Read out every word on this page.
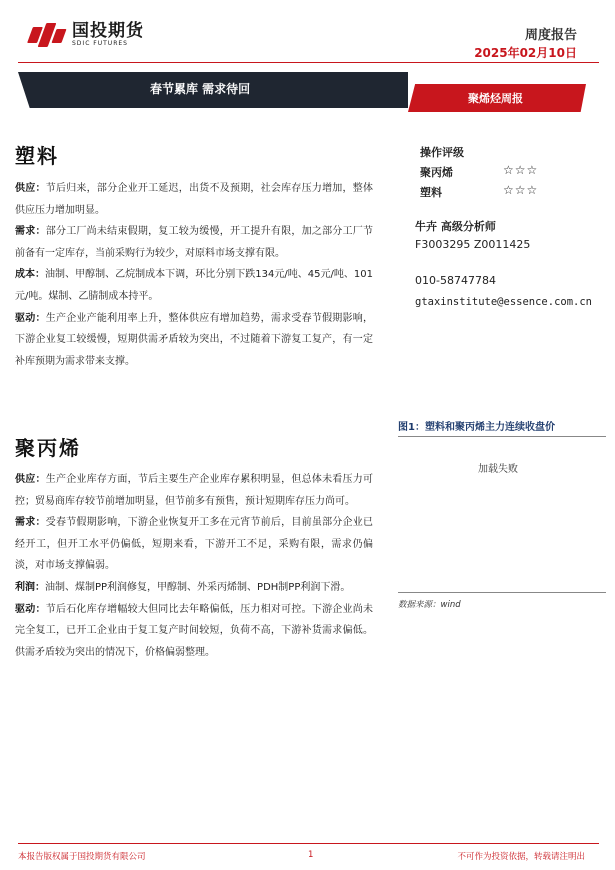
国投期货
SDIC FUTURES
周度报告
2025年02月10日
春节累库 需求待回
聚烯烃周报
塑料
供应：节后归来，部分企业开工延迟，出货不及预期，社会库存压力增加，整体供应压力增加明显。
需求：部分工厂尚未结束假期，复工较为缓慢，开工提升有限，加之部分工厂节前备有一定库存，当前采购行为较少，对原料市场支撑有限。
成本：油制、甲醇制、乙烷制成本下调，环比分别下跌134元/吨、45元/吨、101元/吨。煤制、乙腈制成本持平。
驱动：生产企业产能利用率上升，整体供应有增加趋势，需求受春节假期影响，下游企业复工较缓慢，短期供需矛盾较为突出，不过随着下游复工复产，有一定补库预期为需求带来支撑。
聚丙烯
供应：生产企业库存方面，节后主要生产企业库存累积明显，但总体未看压力可控；贸易商库存较节前增加明显，但节前多有预售，预计短期库存压力尚可。
需求：受春节假期影响，下游企业恢复开工多在元宵节前后，目前虽部分企业已经开工，但开工水平仍偏低，短期来看，下游开工不足，采购有限，需求仍偏淡，对市场支撑偏弱。
利润：油制、煤制PP利润修复，甲醇制、外采丙烯制、PDH制PP利润下滑。
驱动：节后石化库存增幅较大但同比去年略偏低，压力相对可控。下游企业尚未完全复工，已开工企业由于复工复产时间较短，负荷不高，下游补货需求偏低。供需矛盾较为突出的情况下，价格偏弱整理。
操作评级
聚丙烯	☆☆☆
塑料	☆☆☆
牛卉 高级分析师
F3003295 Z0011425
010-58747784
gtaxinstitute@essence.com.cn
图1：塑料和聚丙烯主力连续收盘价
加载失败
数据来源：wind
本报告版权属于国投期货有限公司	1	不可作为投资依据，转载请注明出
